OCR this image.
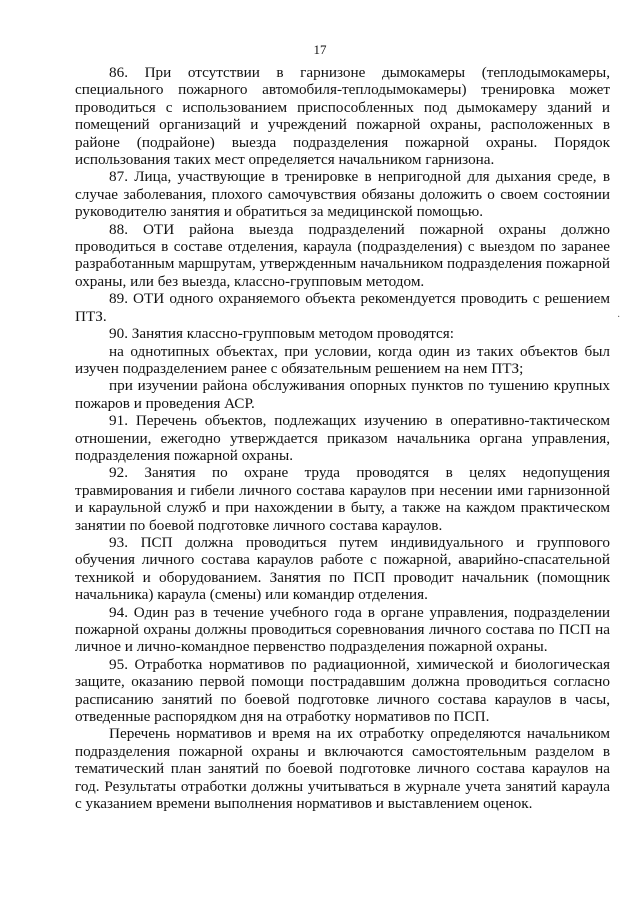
17
·

86. При отсутствии в гарнизоне дымокамеры (теплодымокамеры, специального пожарного автомобиля-теплодымокамеры) тренировка может проводиться с использованием приспособленных под дымокамеру зданий и помещений организаций и учреждений пожарной охраны, расположенных в районе (подрайоне) выезда подразделения пожарной охраны. Порядок использования таких мест определяется начальником гарнизона.

87. Лица, участвующие в тренировке в непригодной для дыхания среде, в случае заболевания, плохого самочувствия обязаны доложить о своем состоянии руководителю занятия и обратиться за медицинской помощью.

88. ОТИ района выезда подразделений пожарной охраны должно проводиться в составе отделения, караула (подразделения) с выездом по заранее разработанным маршрутам, утвержденным начальником подразделения пожарной охраны, или без выезда, классно-групповым методом.

89. ОТИ одного охраняемого объекта рекомендуется проводить с решением ПТЗ.

90. Занятия классно-групповым методом проводятся:

на однотипных объектах, при условии, когда один из таких объектов был изучен подразделением ранее с обязательным решением на нем ПТЗ;

при изучении района обслуживания опорных пунктов по тушению крупных пожаров и проведения АСР.

91. Перечень объектов, подлежащих изучению в оперативно-тактическом отношении, ежегодно утверждается приказом начальника органа управления, подразделения пожарной охраны.

92. Занятия по охране труда проводятся в целях недопущения травмирования и гибели личного состава караулов при несении ими гарнизонной и караульной служб и при нахождении в быту, а также на каждом практическом занятии по боевой подготовке личного состава караулов.

93. ПСП должна проводиться путем индивидуального и группового обучения личного состава караулов работе с пожарной, аварийно-спасательной техникой и оборудованием. Занятия по ПСП проводит начальник (помощник начальника) караула (смены) или командир отделения.

94. Один раз в течение учебного года в органе управления, подразделении пожарной охраны должны проводиться соревнования личного состава по ПСП на личное и лично-командное первенство подразделения пожарной охраны.

95. Отработка нормативов по радиационной, химической и биологическая защите, оказанию первой помощи пострадавшим должна проводиться согласно расписанию занятий по боевой подготовке личного состава караулов в часы, отведенные распорядком дня на отработку нормативов по ПСП.

Перечень нормативов и время на их отработку определяются начальником подразделения пожарной охраны и включаются самостоятельным разделом в тематический план занятий по боевой подготовке личного состава караулов на год. Результаты отработки должны учитываться в журнале учета занятий караула с указанием времени выполнения нормативов и выставлением оценок.
